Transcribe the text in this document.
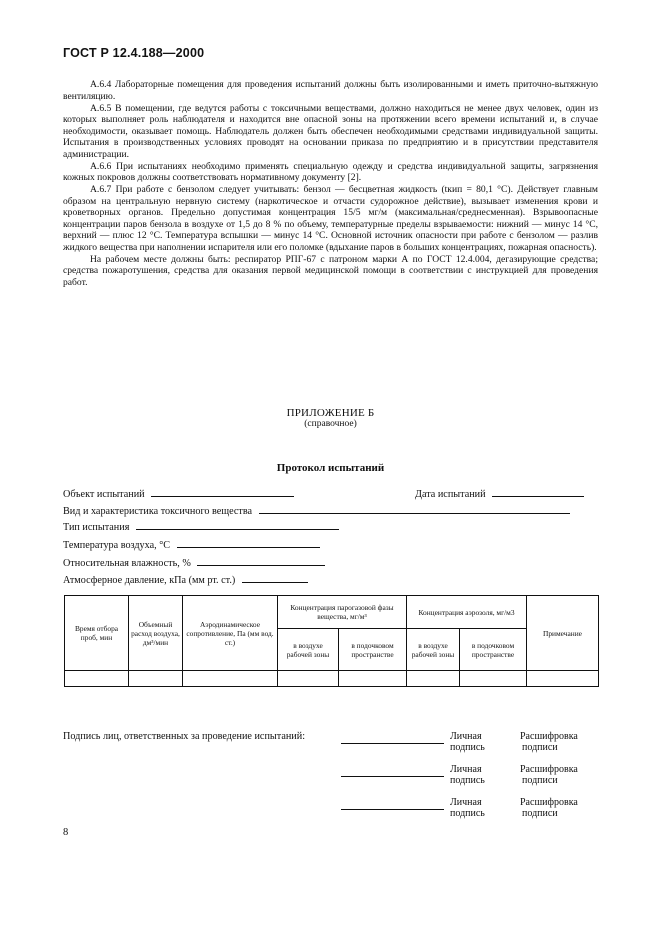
ГОСТ Р 12.4.188—2000

А.6.4 Лабораторные помещения для проведения испытаний должны быть изолированными и иметь приточно-вытяжную вентиляцию.

А.6.5 В помещении, где ведутся работы с токсичными веществами, должно находиться не менее двух человек, один из которых выполняет роль наблюдателя и находится вне опасной зоны на протяжении всего времени испытаний и, в случае необходимости, оказывает помощь. Наблюдатель должен быть обеспечен необходимыми средствами индивидуальной защиты. Испытания в производственных условиях проводят на основании приказа по предприятию и в присутствии представителя администрации.

А.6.6 При испытаниях необходимо применять специальную одежду и средства индивидуальной защиты, загрязнения кожных покровов должны соответствовать нормативному документу [2].

А.6.7 При работе с бензолом следует учитывать: бензол — бесцветная жидкость (tкип = 80,1 °С). Действует главным образом на центральную нервную систему (наркотическое и отчасти судорожное действие), вызывает изменения крови и кроветворных органов. Предельно допустимая концентрация 15/5 мг/м (максимальная/среднесменная). Взрывоопасные концентрации паров бензола в воздухе от 1,5 до 8 % по объему, температурные пределы взрываемости: нижний — минус 14 °С, верхний — плюс 12 °С. Температура вспышки — минус 14 °С. Основной источник опасности при работе с бензолом — разлив жидкого вещества при наполнении испарителя или его поломке (вдыхание паров в больших концентрациях, пожарная опасность).

На рабочем месте должны быть: респиратор РПГ-67 с патроном марки А по ГОСТ 12.4.004, дегазирующие средства; средства пожаротушения, средства для оказания первой медицинской помощи в соответствии с инструкцией для проведения работ.

ПРИЛОЖЕНИЕ Б
(справочное)
Протокол испытаний
Объект испытаний	Дата испытаний
Вид и характеристика токсичного вещества
Тип испытания
Температура воздуха, °С
Относительная влажность, %
Атмосферное давление, кПа (мм рт. ст.)
Время отбора проб, мин	Объемный расход воздуха, дм³/мин	Аэродинамическое сопротивление, Па (мм вод. ст.)	Концентрация парогазовой фазы вещества, мг/м³		Концентрация аэрозоля, мг/м3		Примечание
			в воздухе рабочей зоны	в подочковом пространстве	в воздухе рабочей зоны	в подочковом пространстве	

Подпись лиц, ответственных за проведение испытаний:	Личная
подпись
Расшифровка
подписи
Личная
подпись
Расшифровка
подписи
Личная
подпись
Расшифровка
подписи
8
